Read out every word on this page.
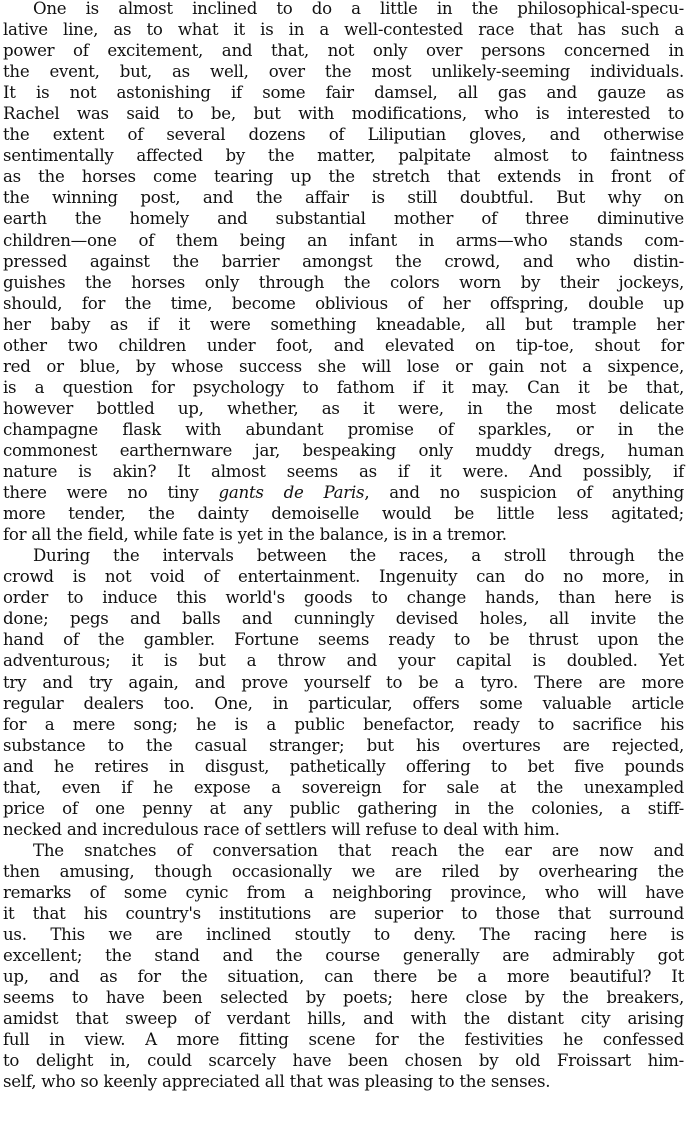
One is almost inclined to do a little in the philosophical-specu-
lative line, as to what it is in a well-contested race that has such a
power of excitement, and that, not only over persons concerned in
the event, but, as well, over the most unlikely-seeming individuals.
It is not astonishing if some fair damsel, all gas and gauze as
Rachel was said to be, but with modifications, who is interested to
the extent of several dozens of Liliputian gloves, and otherwise
sentimentally affected by the matter, palpitate almost to faintness
as the horses come tearing up the stretch that extends in front of
the winning post, and the affair is still doubtful. But why on
earth the homely and substantial mother of three diminutive
children—one of them being an infant in arms—who stands com-
pressed against the barrier amongst the crowd, and who distin-
guishes the horses only through the colors worn by their jockeys,
should, for the time, become oblivious of her offspring, double up
her baby as if it were something kneadable, all but trample her
other two children under foot, and elevated on tip-toe, shout for
red or blue, by whose success she will lose or gain not a sixpence,
is a question for psychology to fathom if it may. Can it be that,
however bottled up, whether, as it were, in the most delicate
champagne flask with abundant promise of sparkles, or in the
commonest earthernware jar, bespeaking only muddy dregs, human
nature is akin? It almost seems as if it were. And possibly, if
there were no tiny gants de Paris, and no suspicion of anything
more tender, the dainty demoiselle would be little less agitated;
for all the field, while fate is yet in the balance, is in a tremor.
During the intervals between the races, a stroll through the
crowd is not void of entertainment. Ingenuity can do no more, in
order to induce this world's goods to change hands, than here is
done; pegs and balls and cunningly devised holes, all invite the
hand of the gambler. Fortune seems ready to be thrust upon the
adventurous; it is but a throw and your capital is doubled. Yet
try and try again, and prove yourself to be a tyro. There are more
regular dealers too. One, in particular, offers some valuable article
for a mere song; he is a public benefactor, ready to sacrifice his
substance to the casual stranger; but his overtures are rejected,
and he retires in disgust, pathetically offering to bet five pounds
that, even if he expose a sovereign for sale at the unexampled
price of one penny at any public gathering in the colonies, a stiff-
necked and incredulous race of settlers will refuse to deal with him.
The snatches of conversation that reach the ear are now and
then amusing, though occasionally we are riled by overhearing the
remarks of some cynic from a neighboring province, who will have
it that his country's institutions are superior to those that surround
us. This we are inclined stoutly to deny. The racing here is
excellent; the stand and the course generally are admirably got
up, and as for the situation, can there be a more beautiful? It
seems to have been selected by poets; here close by the breakers,
amidst that sweep of verdant hills, and with the distant city arising
full in view. A more fitting scene for the festivities he confessed
to delight in, could scarcely have been chosen by old Froissart him-
self, who so keenly appreciated all that was pleasing to the senses.
